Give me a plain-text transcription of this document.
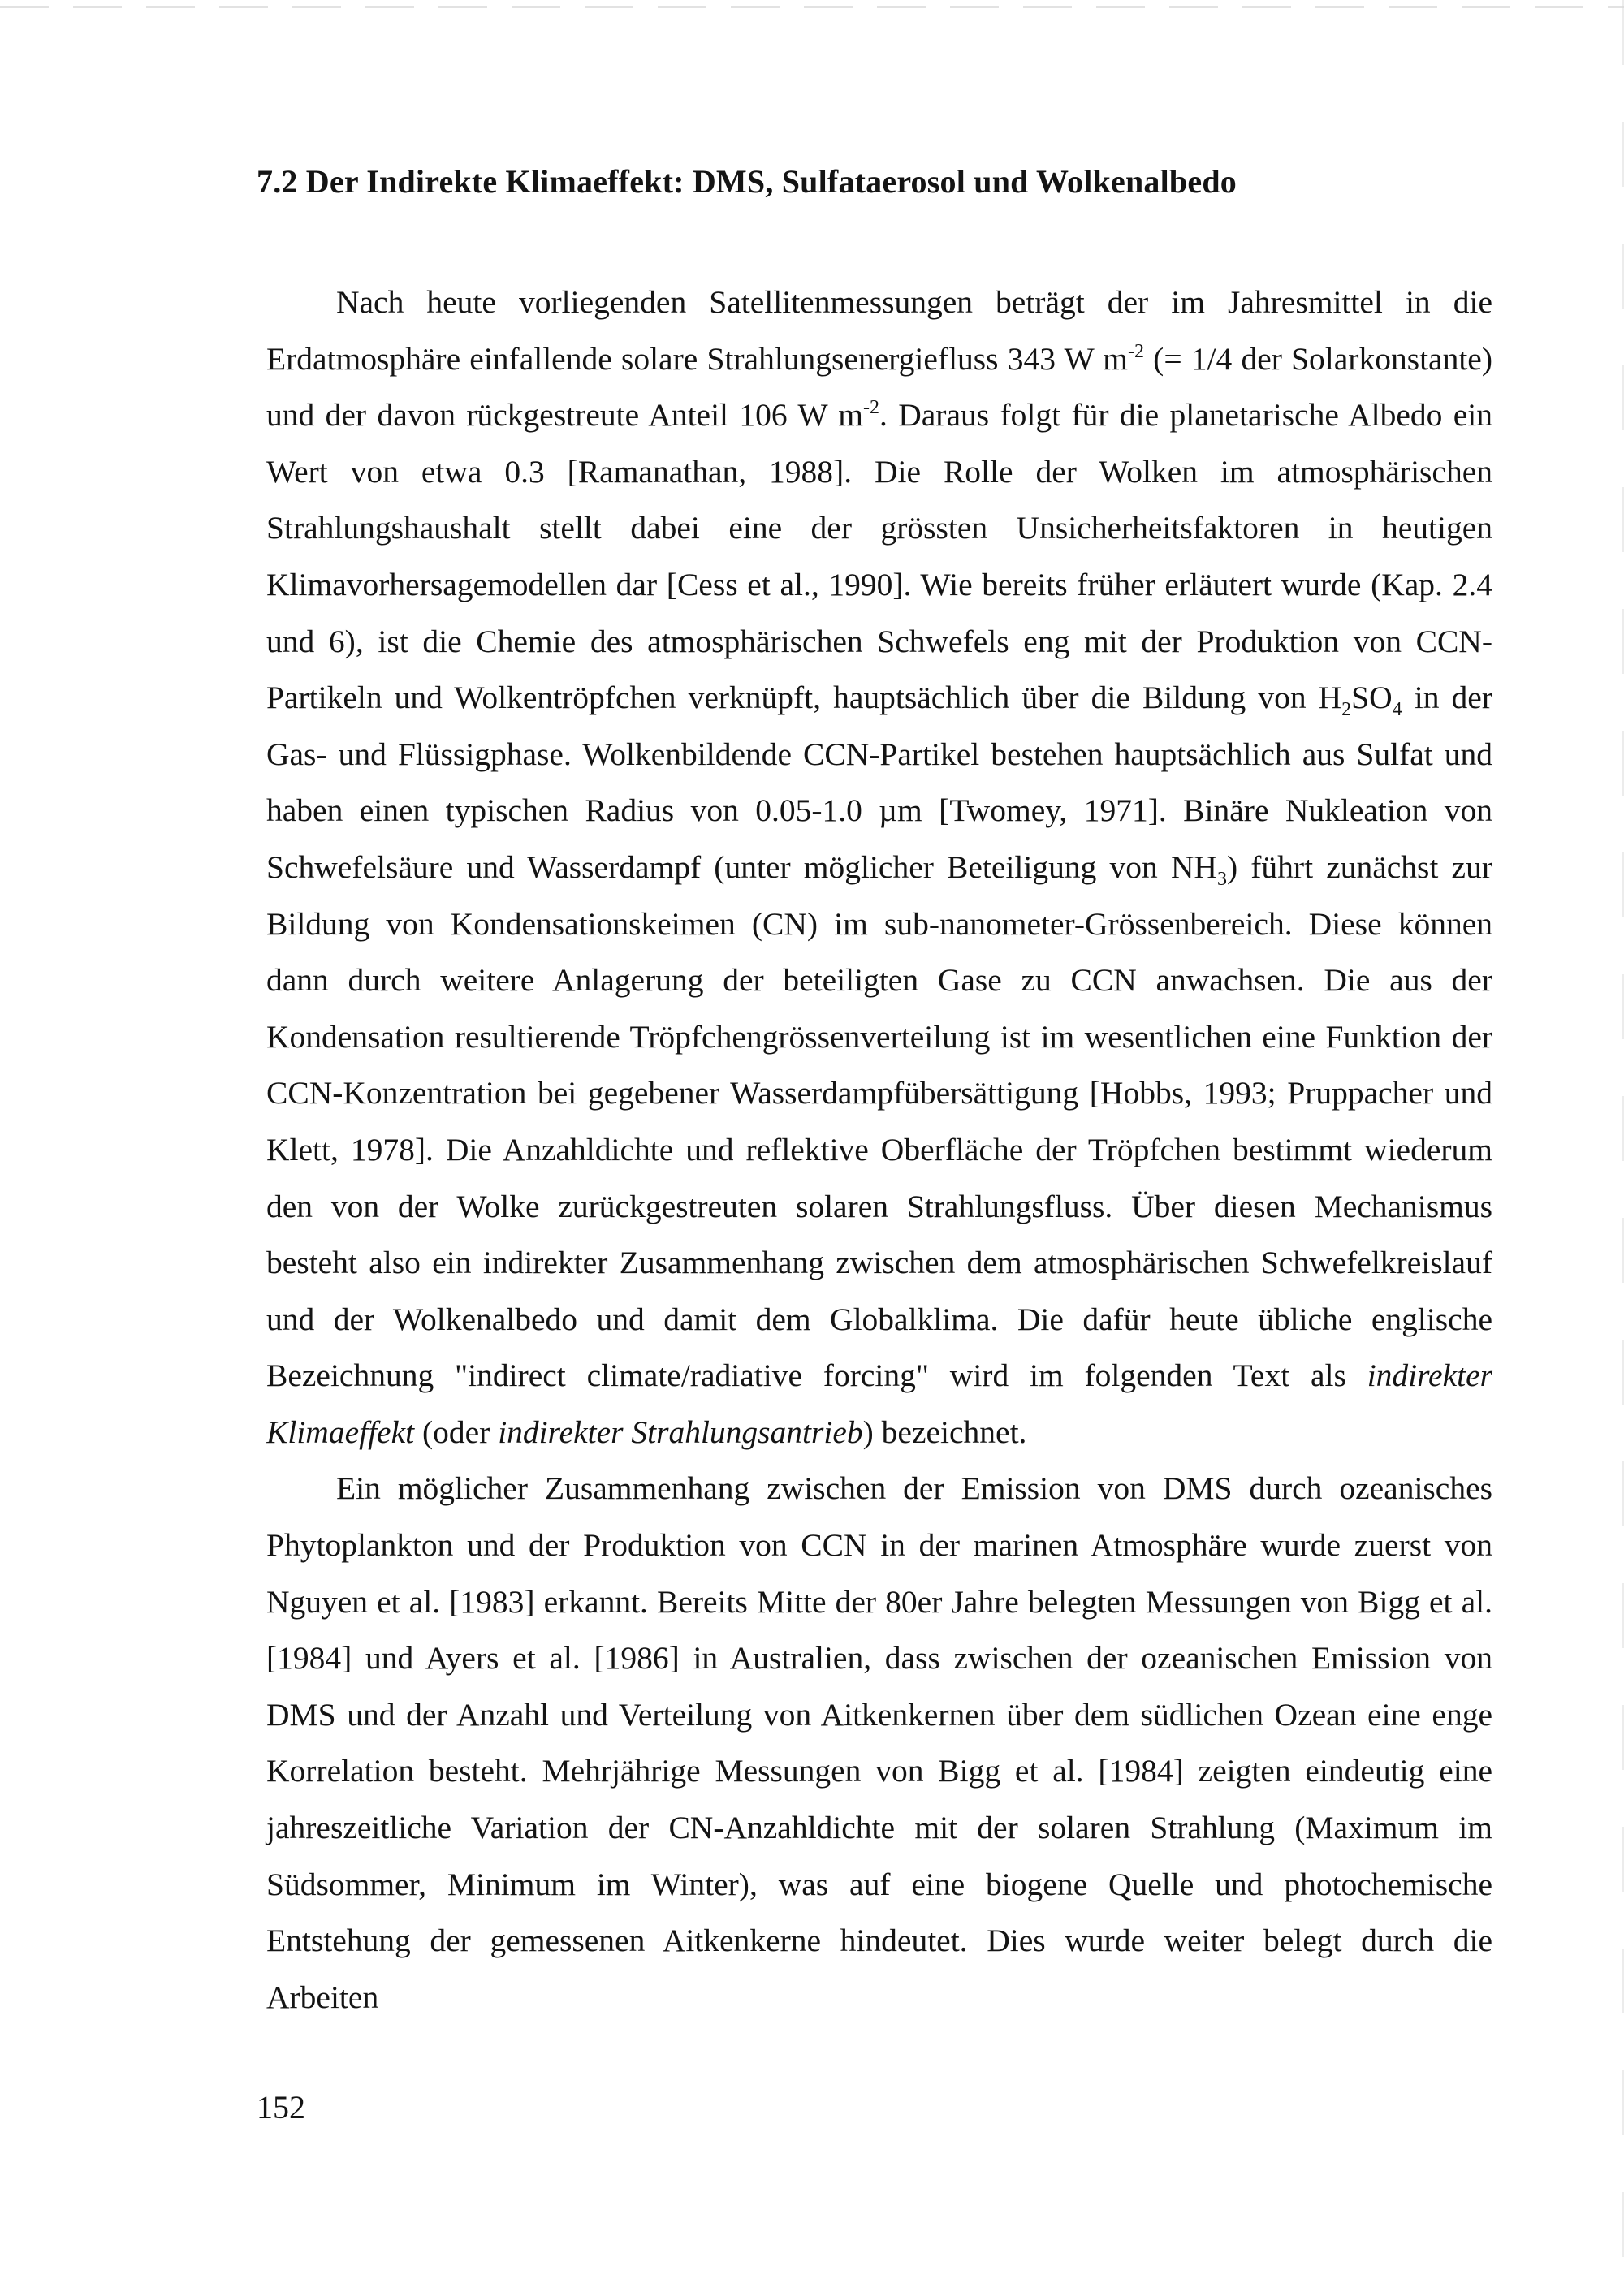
7.2 Der Indirekte Klimaeffekt: DMS, Sulfataerosol und Wolkenalbedo

Nach heute vorliegenden Satellitenmessungen beträgt der im Jahresmittel in die Erdatmosphäre einfallende solare Strahlungsenergiefluss 343 W $m^{-2}$ (= 1/4 der Solarkonstante) und der davon rückgestreute Anteil 106 W $m^{-2}$. Daraus folgt für die planetarische Albedo ein Wert von etwa 0.3 [Ramanathan, 1988]. Die Rolle der Wolken im atmosphärischen Strahlungshaushalt stellt dabei eine der grössten Unsicherheitsfaktoren in heutigen Klimavorhersagemodellen dar [Cess et al., 1990]. Wie bereits früher erläutert wurde (Kap. 2.4 und 6), ist die Chemie des atmosphärischen Schwefels eng mit der Produktion von CCN-Partikeln und Wolkentröpfchen verknüpft, hauptsächlich über die Bildung von $H_2SO_4$ in der Gas- und Flüssigphase. Wolkenbildende CCN-Partikel bestehen hauptsächlich aus Sulfat und haben einen typischen Radius von 0.05-1.0 µm [Twomey, 1971]. Binäre Nukleation von Schwefelsäure und Wasserdampf (unter möglicher Beteiligung von $NH_3$) führt zunächst zur Bildung von Kondensationskeimen (CN) im sub-nanometer-Grössenbereich. Diese können dann durch weitere Anlagerung der beteiligten Gase zu CCN anwachsen. Die aus der Kondensation resultierende Tröpfchengrössenverteilung ist im wesentlichen eine Funktion der CCN-Konzentration bei gegebener Wasserdampfübersättigung [Hobbs, 1993; Pruppacher und Klett, 1978]. Die Anzahldichte und reflektive Oberfläche der Tröpfchen bestimmt wiederum den von der Wolke zurückgestreuten solaren Strahlungsfluss. Über diesen Mechanismus besteht also ein indirekter Zusammenhang zwischen dem atmosphärischen Schwefelkreislauf und der Wolkenalbedo und damit dem Globalklima. Die dafür heute übliche englische Bezeichnung "indirect climate/radiative forcing" wird im folgenden Text als indirekter Klimaeffekt (oder indirekter Strahlungsantrieb) bezeichnet.

Ein möglicher Zusammenhang zwischen der Emission von DMS durch ozeanisches Phytoplankton und der Produktion von CCN in der marinen Atmosphäre wurde zuerst von Nguyen et al. [1983] erkannt. Bereits Mitte der 80er Jahre belegten Messungen von Bigg et al. [1984] und Ayers et al. [1986] in Australien, dass zwischen der ozeanischen Emission von DMS und der Anzahl und Verteilung von Aitkenkernen über dem südlichen Ozean eine enge Korrelation besteht. Mehrjährige Messungen von Bigg et al. [1984] zeigten eindeutig eine jahreszeitliche Variation der CN-Anzahldichte mit der solaren Strahlung (Maximum im Südsommer, Minimum im Winter), was auf eine biogene Quelle und photochemische Entstehung der gemessenen Aitkenkerne hindeutet. Dies wurde weiter belegt durch die Arbeiten

152
